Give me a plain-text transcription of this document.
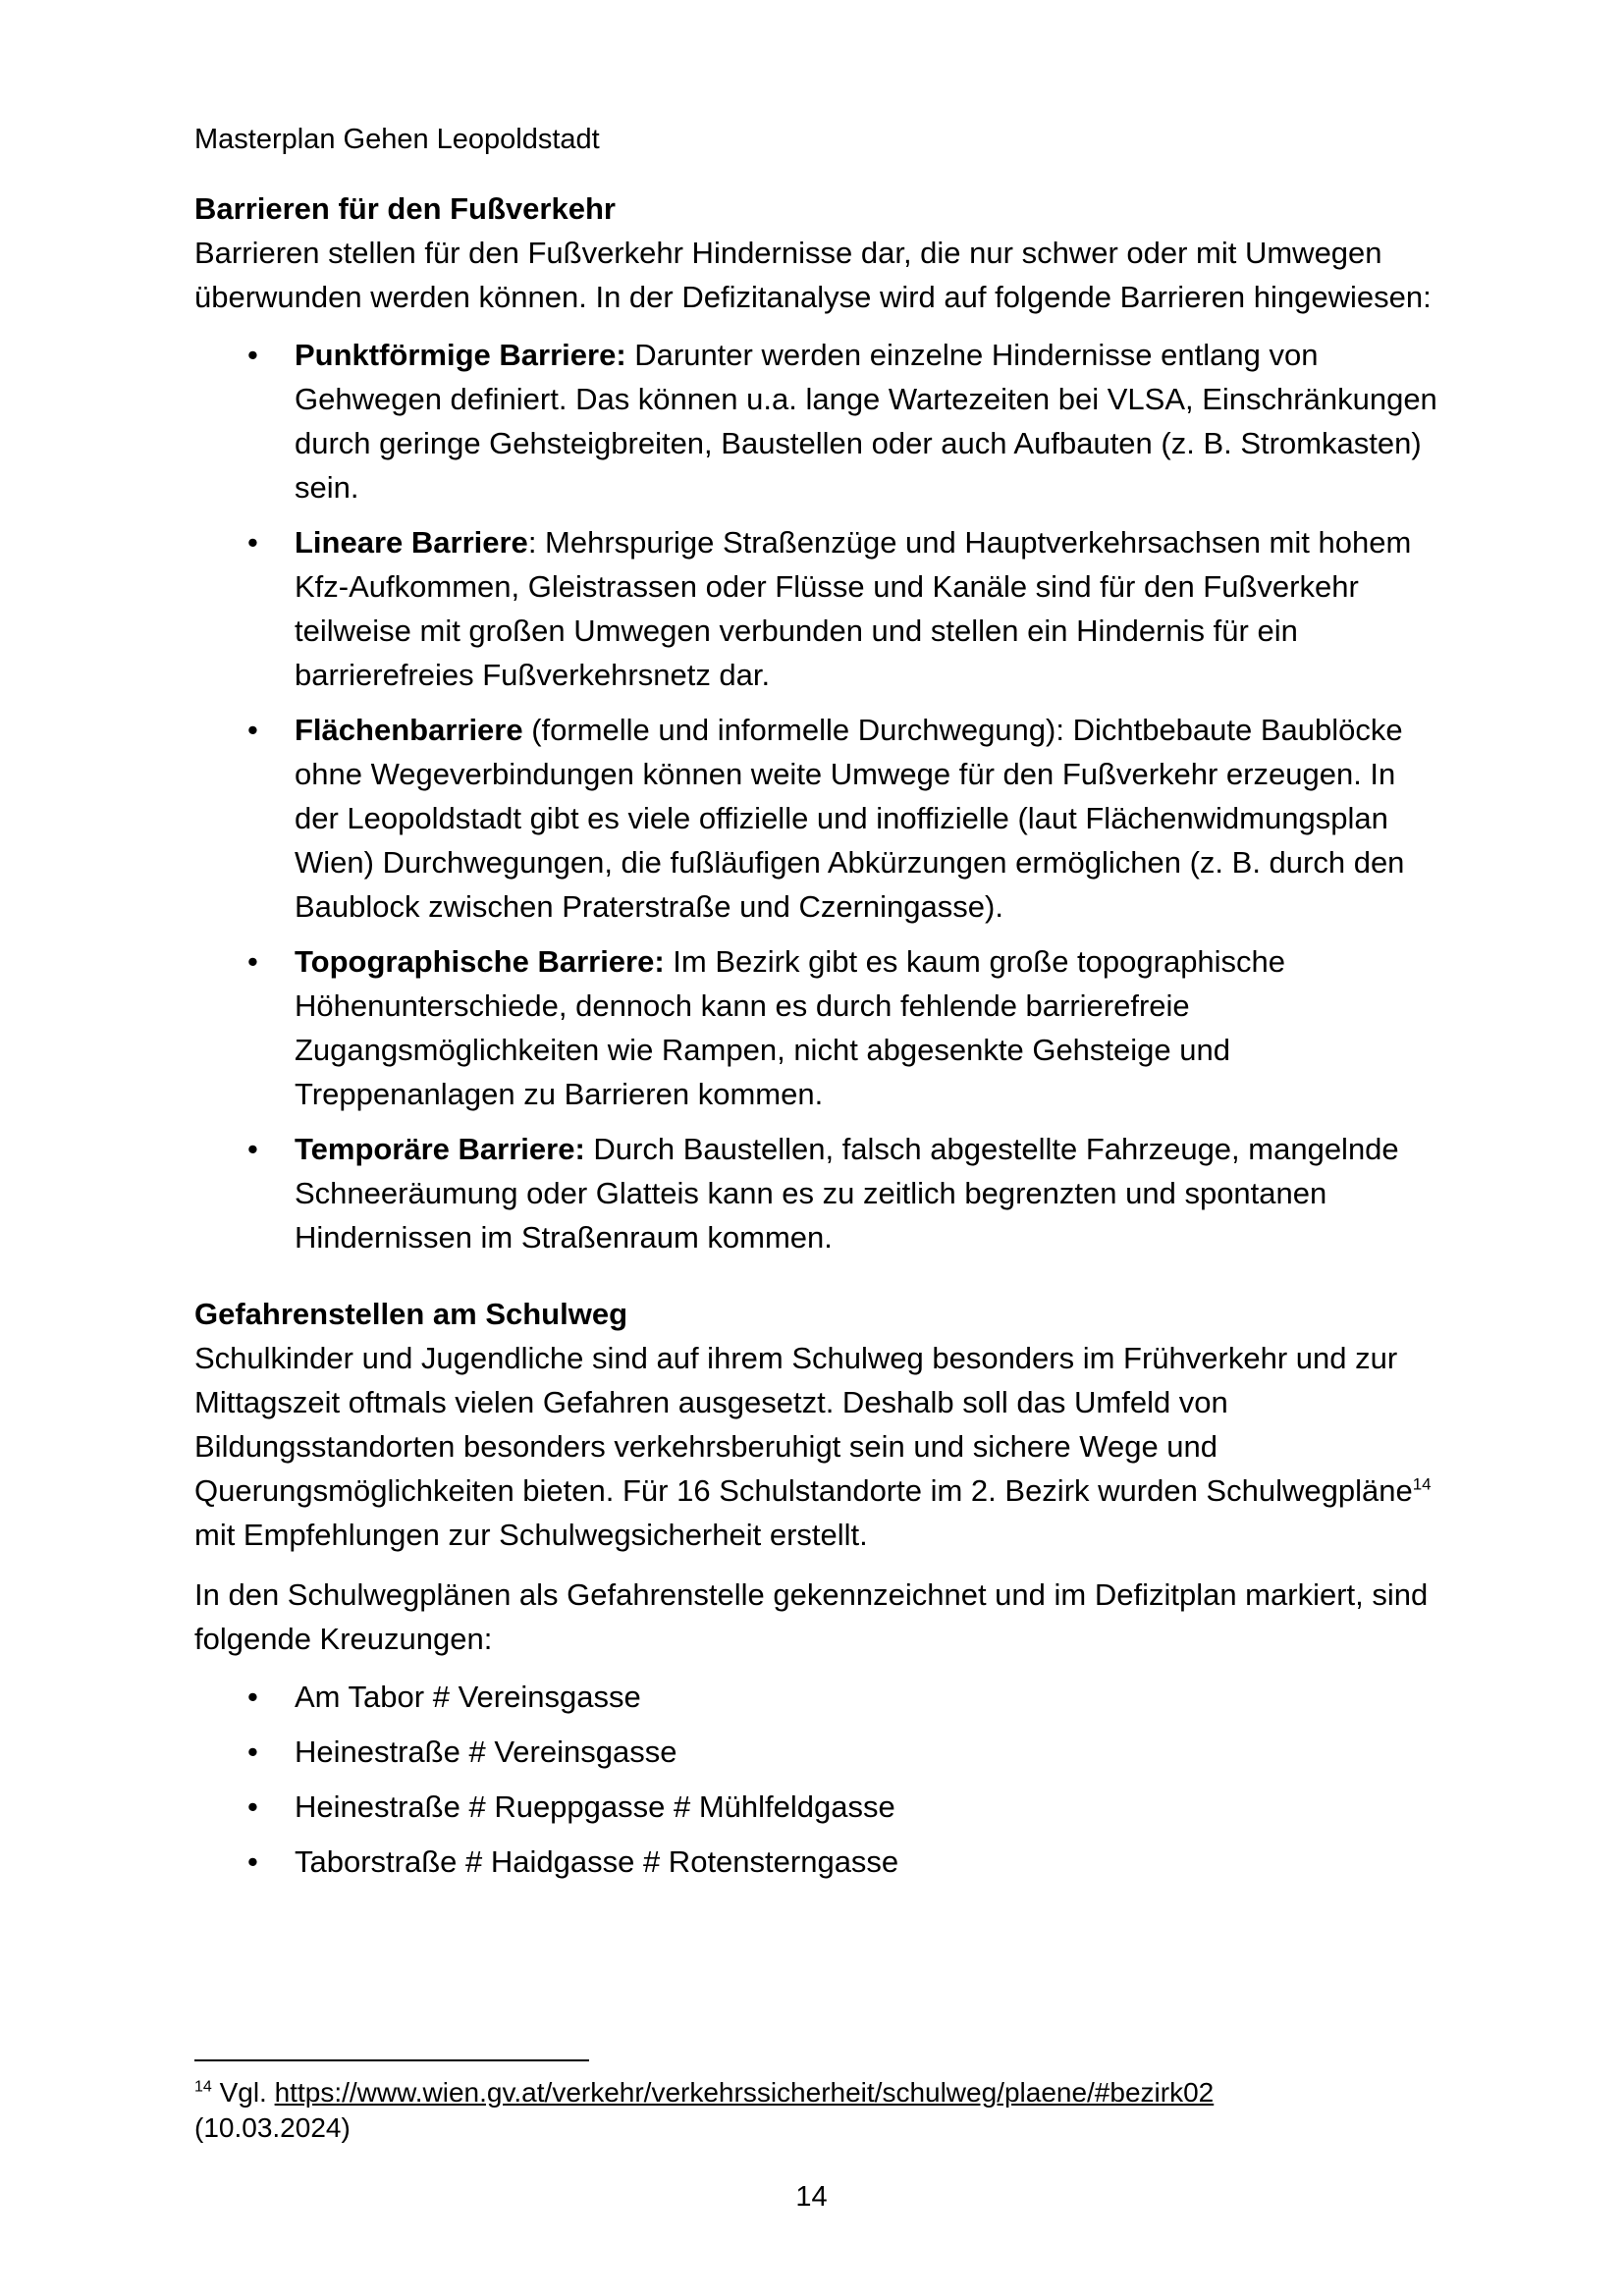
Masterplan Gehen Leopoldstadt
Barrieren für den Fußverkehr

Barrieren stellen für den Fußverkehr Hindernisse dar, die nur schwer oder mit Umwegen überwunden werden können. In der Defizitanalyse wird auf folgende Barrieren hingewiesen:

•	Punktförmige Barriere: Darunter werden einzelne Hindernisse entlang von Gehwegen definiert. Das können u.a. lange Wartezeiten bei VLSA, Einschränkungen durch geringe Gehsteigbreiten, Baustellen oder auch Aufbauten (z. B. Stromkasten) sein.
•	Lineare Barriere: Mehrspurige Straßenzüge und Hauptverkehrsachsen mit hohem Kfz-Aufkommen, Gleistrassen oder Flüsse und Kanäle sind für den Fußverkehr teilweise mit großen Umwegen verbunden und stellen ein Hindernis für ein barrierefreies Fußverkehrsnetz dar.
•	Flächenbarriere (formelle und informelle Durchwegung): Dichtbebaute Baublöcke ohne Wegeverbindungen können weite Umwege für den Fußverkehr erzeugen. In der Leopoldstadt gibt es viele offizielle und inoffizielle (laut Flächenwidmungsplan Wien) Durchwegungen, die fußläufigen Abkürzungen ermöglichen (z. B. durch den Baublock zwischen Praterstraße und Czerningasse).
•	Topographische Barriere: Im Bezirk gibt es kaum große topographische Höhenunterschiede, dennoch kann es durch fehlende barrierefreie Zugangsmöglichkeiten wie Rampen, nicht abgesenkte Gehsteige und Treppenanlagen zu Barrieren kommen.
•	Temporäre Barriere: Durch Baustellen, falsch abgestellte Fahrzeuge, mangelnde Schneeräumung oder Glatteis kann es zu zeitlich begrenzten und spontanen Hindernissen im Straßenraum kommen.
Gefahrenstellen am Schulweg

Schulkinder und Jugendliche sind auf ihrem Schulweg besonders im Frühverkehr und zur Mittagszeit oftmals vielen Gefahren ausgesetzt. Deshalb soll das Umfeld von Bildungsstandorten besonders verkehrsberuhigt sein und sichere Wege und Querungsmöglichkeiten bieten. Für 16 Schulstandorte im 2. Bezirk wurden Schulwegpläne$^{14}$ mit Empfehlungen zur Schulwegsicherheit erstellt.

In den Schulwegplänen als Gefahrenstelle gekennzeichnet und im Defizitplan markiert, sind folgende Kreuzungen:

•	Am Tabor # Vereinsgasse
•	Heinestraße # Vereinsgasse
•	Heinestraße # Rueppgasse # Mühlfeldgasse
•	Taborstraße # Haidgasse # Rotensterngasse
$^{14}$ Vgl. https://www.wien.gv.at/verkehr/verkehrssicherheit/schulweg/plaene/#bezirk02
(10.03.2024)
14
